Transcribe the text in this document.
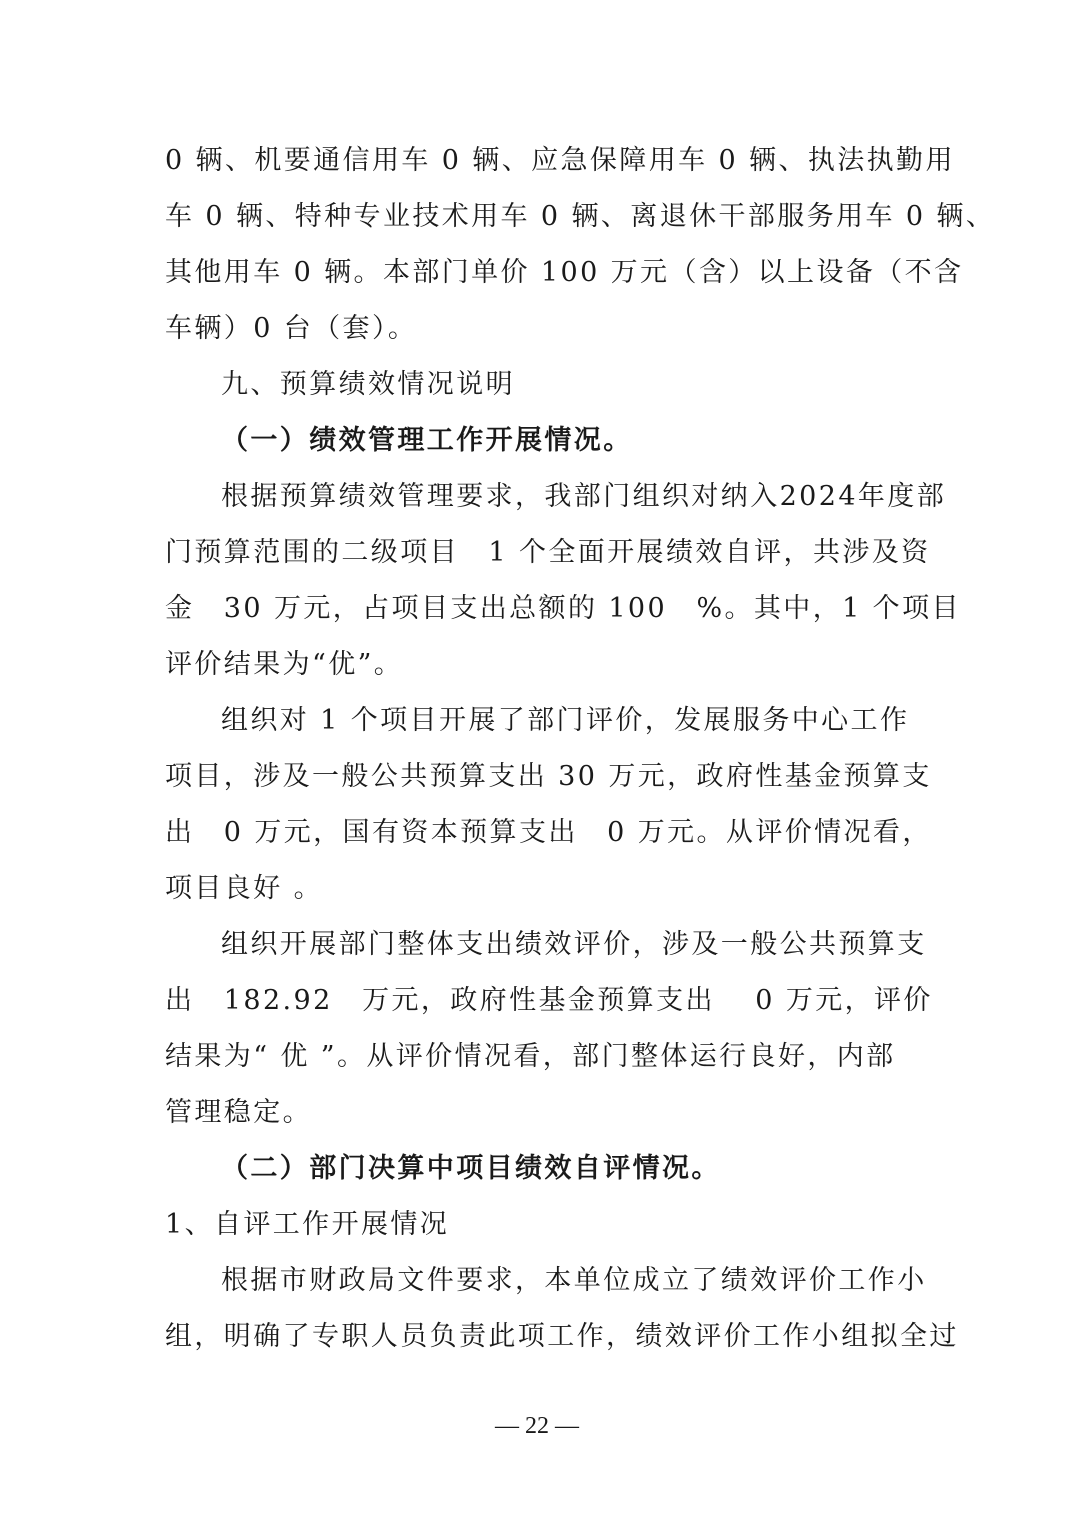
0 辆、机要通信用车 0 辆、应急保障用车 0 辆、执法执勤用
车 0 辆、特种专业技术用车 0 辆、离退休干部服务用车 0 辆、
其他用车 0 辆。本部门单价 100 万元（含）以上设备（不含
车辆）0 台（套）。
九、预算绩效情况说明
（一）绩效管理工作开展情况。
根据预算绩效管理要求，我部门组织对纳入2024年度部
门预算范围的二级项目　1 个全面开展绩效自评，共涉及资
金　30 万元，占项目支出总额的 100　%。其中，1 个项目
评价结果为“优”。
组织对 1 个项目开展了部门评价，发展服务中心工作
项目，涉及一般公共预算支出 30 万元，政府性基金预算支
出　0 万元，国有资本预算支出　0 万元。从评价情况看，
项目良好 。
组织开展部门整体支出绩效评价，涉及一般公共预算支
出　182.92　万元，政府性基金预算支出　 0 万元，评价
结果为“ 优 ”。从评价情况看，部门整体运行良好，内部
管理稳定。
（二）部门决算中项目绩效自评情况。
1、自评工作开展情况
根据市财政局文件要求，本单位成立了绩效评价工作小
组，明确了专职人员负责此项工作，绩效评价工作小组拟全过
— 22 —
